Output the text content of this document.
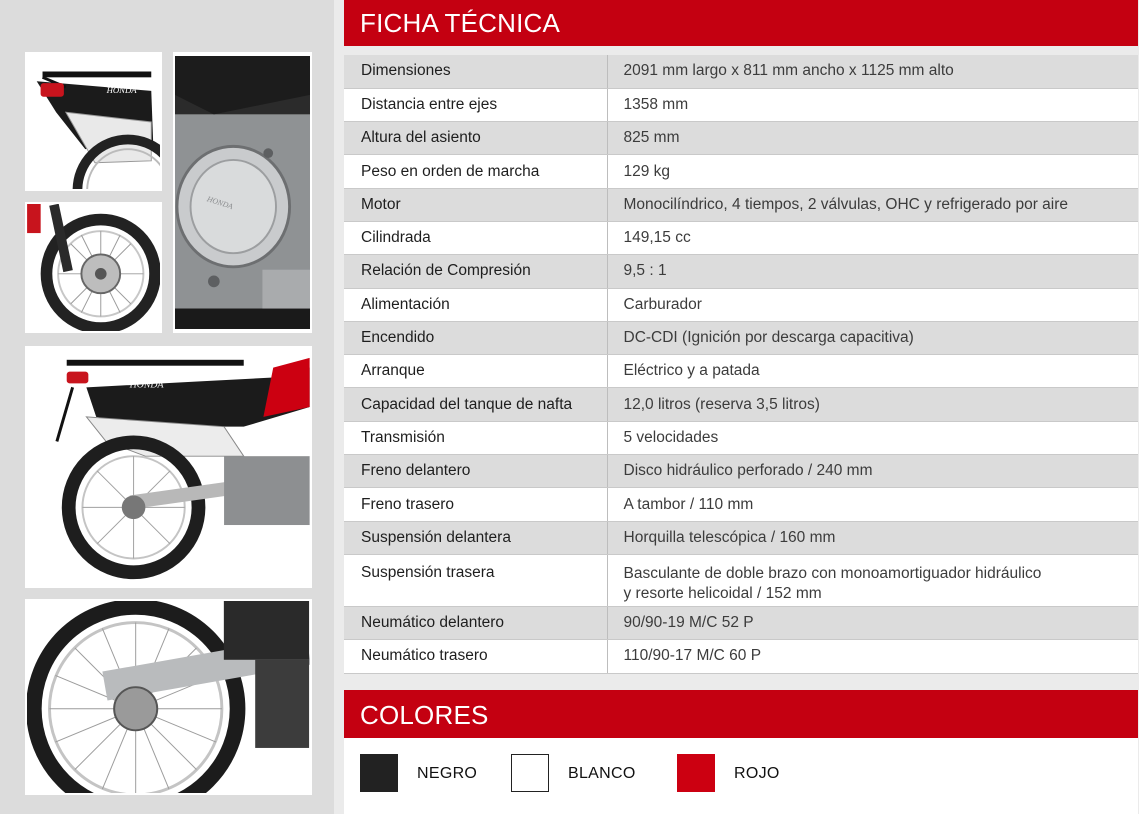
HONDA
HONDA
HONDA
FICHA TÉCNICA
Dimensiones	2091 mm largo x 811 mm ancho x 1125 mm alto
Distancia entre ejes	1358 mm
Altura del asiento	825 mm
Peso en orden de marcha	129 kg
Motor	Monocilíndrico, 4 tiempos, 2 válvulas, OHC y refrigerado por aire
Cilindrada	149,15 cc
Relación de Compresión	9,5 : 1
Alimentación	Carburador
Encendido	DC-CDI (Ignición por descarga capacitiva)
Arranque	Eléctrico y a patada
Capacidad del tanque de nafta	12,0 litros (reserva 3,5 litros)
Transmisión	5 velocidades
Freno delantero	Disco hidráulico perforado / 240 mm
Freno trasero	A tambor / 110 mm
Suspensión delantera	Horquilla telescópica / 160 mm
Suspensión trasera	Basculante de doble brazo con monoamortiguador hidráulico
y resorte helicoidal / 152 mm

Neumático delantero	90/90-19 M/C 52 P
Neumático trasero	110/90-17 M/C 60 P
COLORES
NEGRO	BLANCO	ROJO
